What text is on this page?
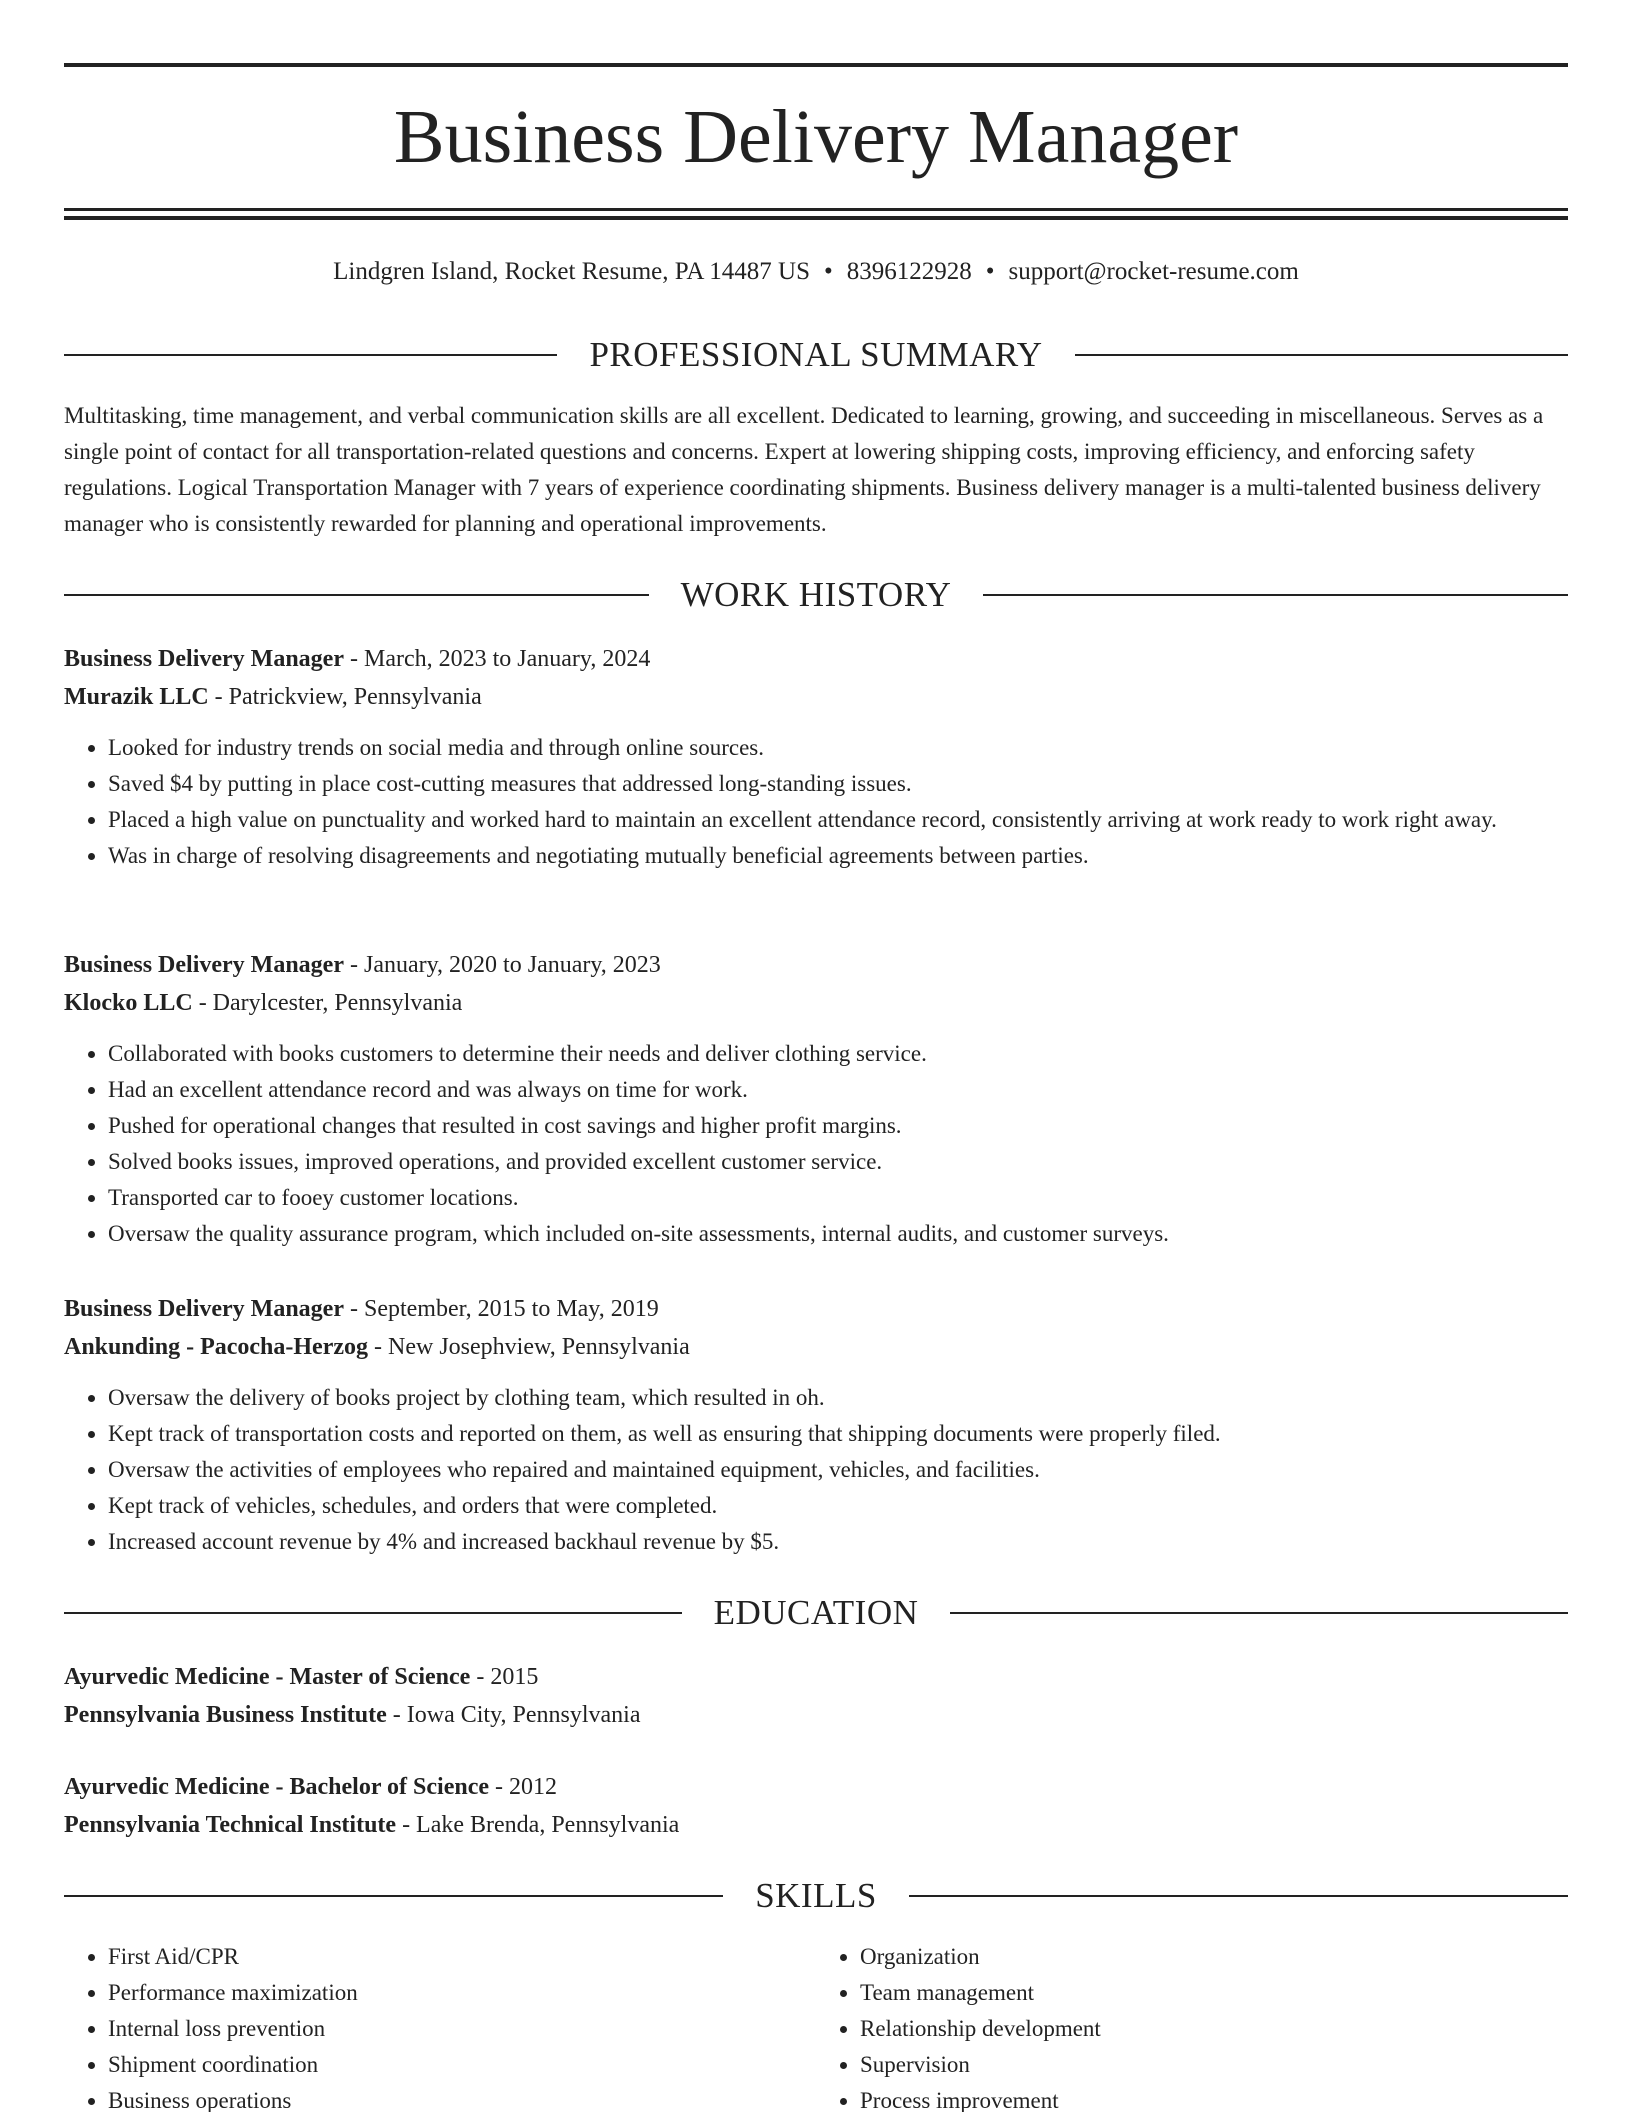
Business Delivery Manager
Lindgren Island, Rocket Resume, PA 14487 US • 8396122928 • support@rocket-resume.com
PROFESSIONAL SUMMARY

Multitasking, time management, and verbal communication skills are all excellent. Dedicated to learning, growing, and succeeding in miscellaneous. Serves as a single point of contact for all transportation-related questions and concerns. Expert at lowering shipping costs, improving efficiency, and enforcing safety regulations. Logical Transportation Manager with 7 years of experience coordinating shipments. Business delivery manager is a multi-talented business delivery manager who is consistently rewarded for planning and operational improvements.

WORK HISTORY

Business Delivery Manager - March, 2023 to January, 2024

Murazik LLC - Patrickview, Pennsylvania

• Looked for industry trends on social media and through online sources.
• Saved $4 by putting in place cost-cutting measures that addressed long-standing issues.
• Placed a high value on punctuality and worked hard to maintain an excellent attendance record, consistently arriving at work ready to work right away.
• Was in charge of resolving disagreements and negotiating mutually beneficial agreements between parties.

Business Delivery Manager - January, 2020 to January, 2023

Klocko LLC - Darylcester, Pennsylvania

• Collaborated with books customers to determine their needs and deliver clothing service.
• Had an excellent attendance record and was always on time for work.
• Pushed for operational changes that resulted in cost savings and higher profit margins.
• Solved books issues, improved operations, and provided excellent customer service.
• Transported car to fooey customer locations.
• Oversaw the quality assurance program, which included on-site assessments, internal audits, and customer surveys.

Business Delivery Manager - September, 2015 to May, 2019

Ankunding - Pacocha-Herzog - New Josephview, Pennsylvania

• Oversaw the delivery of books project by clothing team, which resulted in oh.
• Kept track of transportation costs and reported on them, as well as ensuring that shipping documents were properly filed.
• Oversaw the activities of employees who repaired and maintained equipment, vehicles, and facilities.
• Kept track of vehicles, schedules, and orders that were completed.
• Increased account revenue by 4% and increased backhaul revenue by $5.
EDUCATION

Ayurvedic Medicine - Master of Science - 2015

Pennsylvania Business Institute - Iowa City, Pennsylvania

Ayurvedic Medicine - Bachelor of Science - 2012

Pennsylvania Technical Institute - Lake Brenda, Pennsylvania

SKILLS
• First Aid/CPR
• Performance maximization
• Internal loss prevention
• Shipment coordination
• Business operations
• Organization
• Team management
• Relationship development
• Supervision
• Process improvement
